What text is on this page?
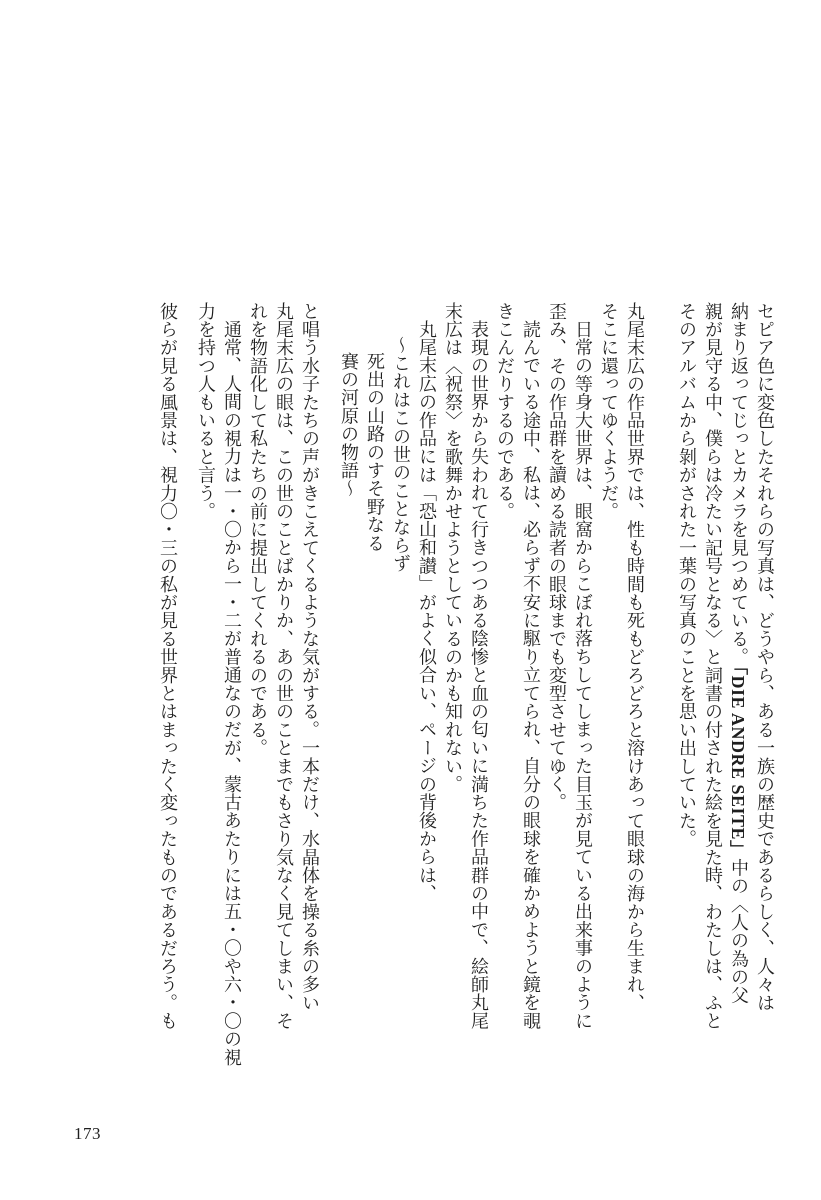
セピア色に変色したそれらの写真は、どうやら、ある一族の歴史であるらしく、人々は
納まり返ってじっとカメラを見つめている。「DIE ANDRE SEITE」中の〈人の為の父
親が見守る中、僕らは冷たい記号となる〉と詞書の付された絵を見た時、わたしは、ふと
そのアルバムから剝がされた一葉の写真のことを思い出していた。
丸尾末広の作品世界では、性も時間も死もどろどろと溶けあって眼球の海から生まれ、
そこに還ってゆくようだ。
日常の等身大世界は、眼窩からこぼれ落ちしてしまった目玉が見ている出来事のように
歪み、その作品群を讀める読者の眼球までも変型させてゆく。
読んでいる途中、私は、必らず不安に駆り立てられ、自分の眼球を確かめようと鏡を覗
きこんだりするのである。
表現の世界から失われて行きつつある陰惨と血の匂いに満ちた作品群の中で、絵師丸尾
末広は〈祝祭〉を歌舞かせようとしているのかも知れない。
丸尾末広の作品には「恐山和讃」がよく似合い、ページの背後からは、
〜これはこの世のことならず
死出の山路のすそ野なる
賽の河原の物語〜
と唱う水子たちの声がきこえてくるような気がする。一本だけ、水晶体を操る糸の多い
丸尾末広の眼は、この世のことばかりか、あの世のことまでもさり気なく見てしまい、そ
れを物語化して私たちの前に提出してくれるのである。
通常、人間の視力は一・〇から一・二が普通なのだが、蒙古あたりには五・〇や六・〇の視
力を持つ人もいると言う。
彼らが見る風景は、視力〇・三の私が見る世界とはまったく変ったものであるだろう。も
173
